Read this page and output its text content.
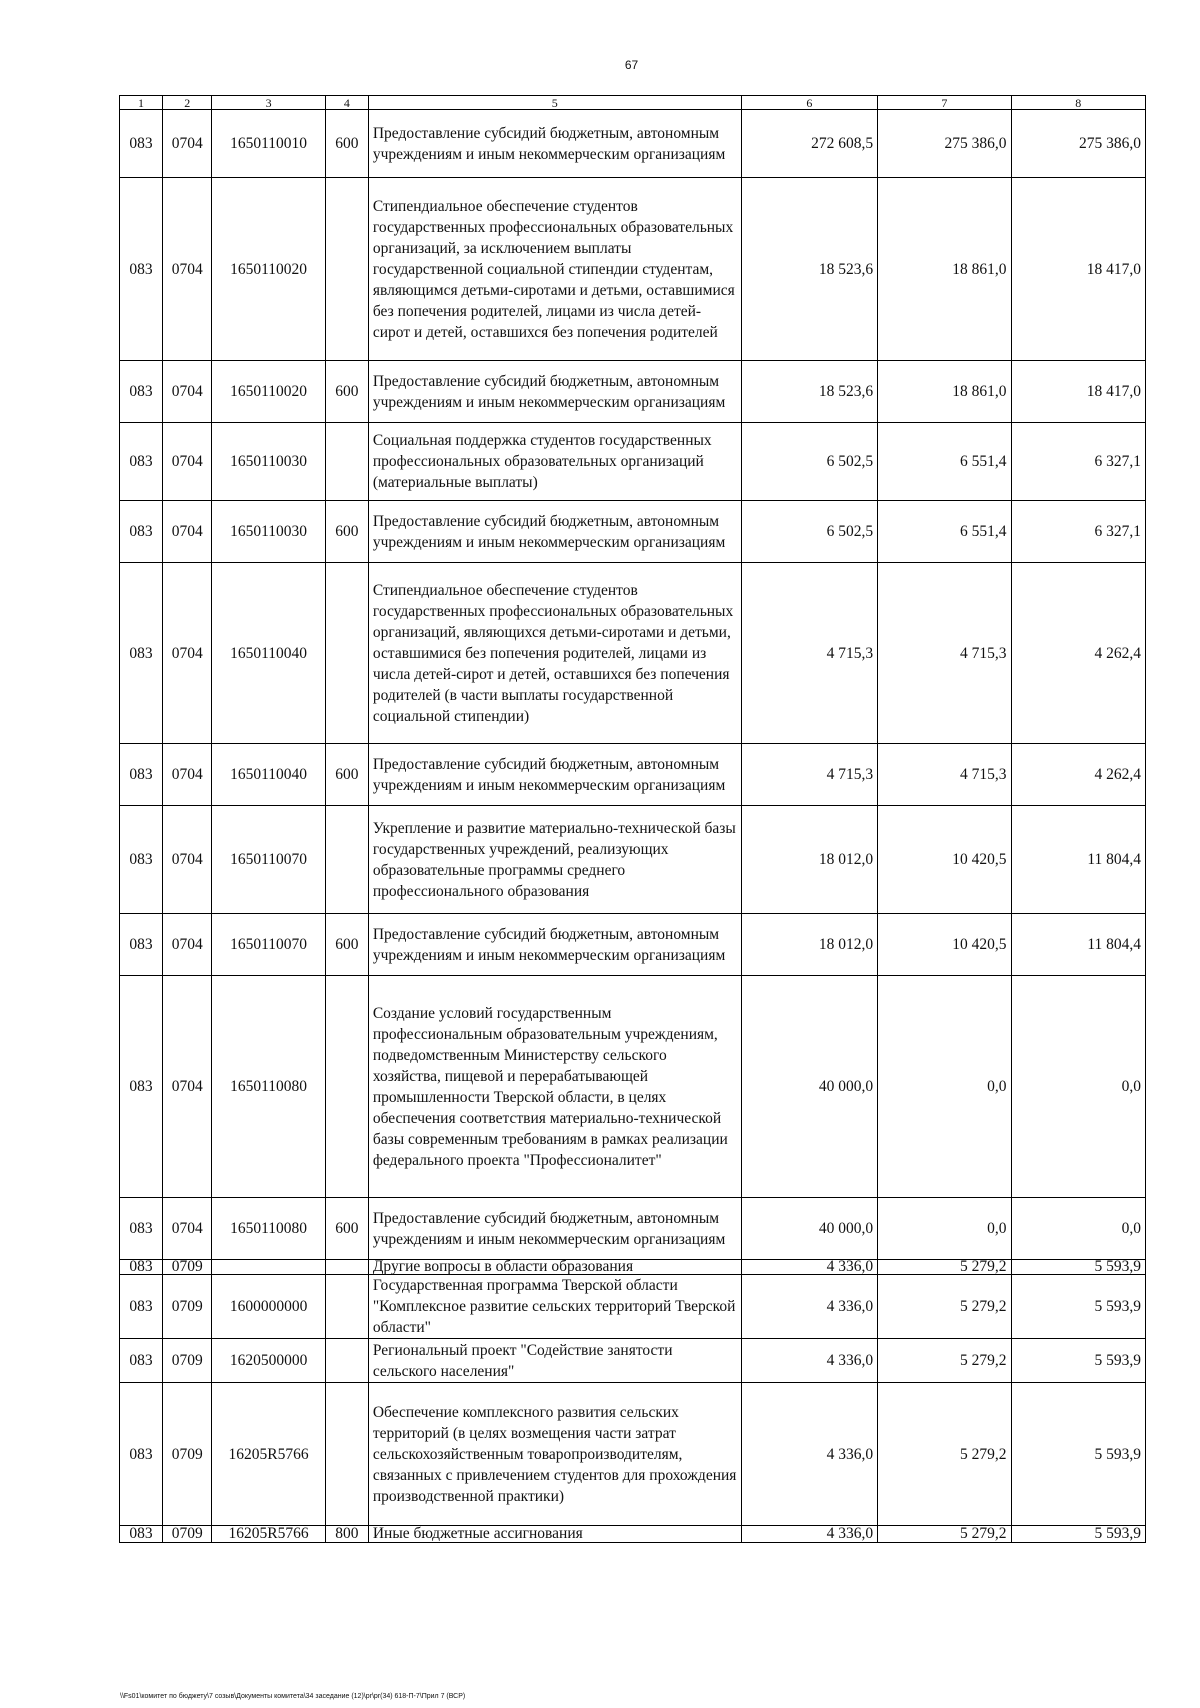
67
1	2	3	4	5	6	7	8
083	0704	1650110010	600	Предоставление субсидий бюджетным, автономным учреждениям и иным некоммерческим организациям	272 608,5	275 386,0	275 386,0
083	0704	1650110020		Стипендиальное обеспечение студентов государственных профессиональных образовательных организаций, за исключением выплаты государственной социальной стипендии студентам, являющимся детьми-сиротами и детьми, оставшимися без попечения родителей, лицами из числа детей-сирот и детей, оставшихся без попечения родителей	18 523,6	18 861,0	18 417,0
083	0704	1650110020	600	Предоставление субсидий бюджетным, автономным учреждениям и иным некоммерческим организациям	18 523,6	18 861,0	18 417,0
083	0704	1650110030		Социальная поддержка студентов государственных профессиональных образовательных организаций (материальные выплаты)	6 502,5	6 551,4	6 327,1
083	0704	1650110030	600	Предоставление субсидий бюджетным, автономным учреждениям и иным некоммерческим организациям	6 502,5	6 551,4	6 327,1
083	0704	1650110040		Стипендиальное обеспечение студентов государственных профессиональных образовательных организаций, являющихся детьми-сиротами и детьми, оставшимися без попечения родителей, лицами из числа детей-сирот и детей, оставшихся без попечения родителей (в части выплаты государственной социальной стипендии)	4 715,3	4 715,3	4 262,4
083	0704	1650110040	600	Предоставление субсидий бюджетным, автономным учреждениям и иным некоммерческим организациям	4 715,3	4 715,3	4 262,4
083	0704	1650110070		Укрепление и развитие материально-технической базы государственных учреждений, реализующих образовательные программы среднего профессионального образования	18 012,0	10 420,5	11 804,4
083	0704	1650110070	600	Предоставление субсидий бюджетным, автономным учреждениям и иным некоммерческим организациям	18 012,0	10 420,5	11 804,4
083	0704	1650110080		Создание условий государственным профессиональным образовательным учреждениям, подведомственным Министерству сельского хозяйства, пищевой и перерабатывающей промышленности Тверской области, в целях обеспечения соответствия материально-технической базы современным требованиям в рамках реализации федерального проекта "Профессионалитет"	40 000,0	0,0	0,0
083	0704	1650110080	600	Предоставление субсидий бюджетным, автономным учреждениям и иным некоммерческим организациям	40 000,0	0,0	0,0
083	0709			Другие вопросы в области образования	4 336,0	5 279,2	5 593,9
083	0709	1600000000		Государственная программа Тверской области "Комплексное развитие сельских территорий Тверской области"	4 336,0	5 279,2	5 593,9
083	0709	1620500000		Региональный проект "Содействие занятости сельского населения"	4 336,0	5 279,2	5 593,9
083	0709	16205R5766		Обеспечение комплексного развития сельских территорий (в целях возмещения части затрат сельскохозяйственным товаропроизводителям, связанных с привлечением студентов для прохождения производственной практики)	4 336,0	5 279,2	5 593,9
083	0709	16205R5766	800	Иные бюджетные ассигнования	4 336,0	5 279,2	5 593,9
\\Fs01\комитет по бюджету\7 созыв\Документы комитета\34 заседание (12)\pr\pr(34) 618-П-7\Прил 7 (ВСР)
